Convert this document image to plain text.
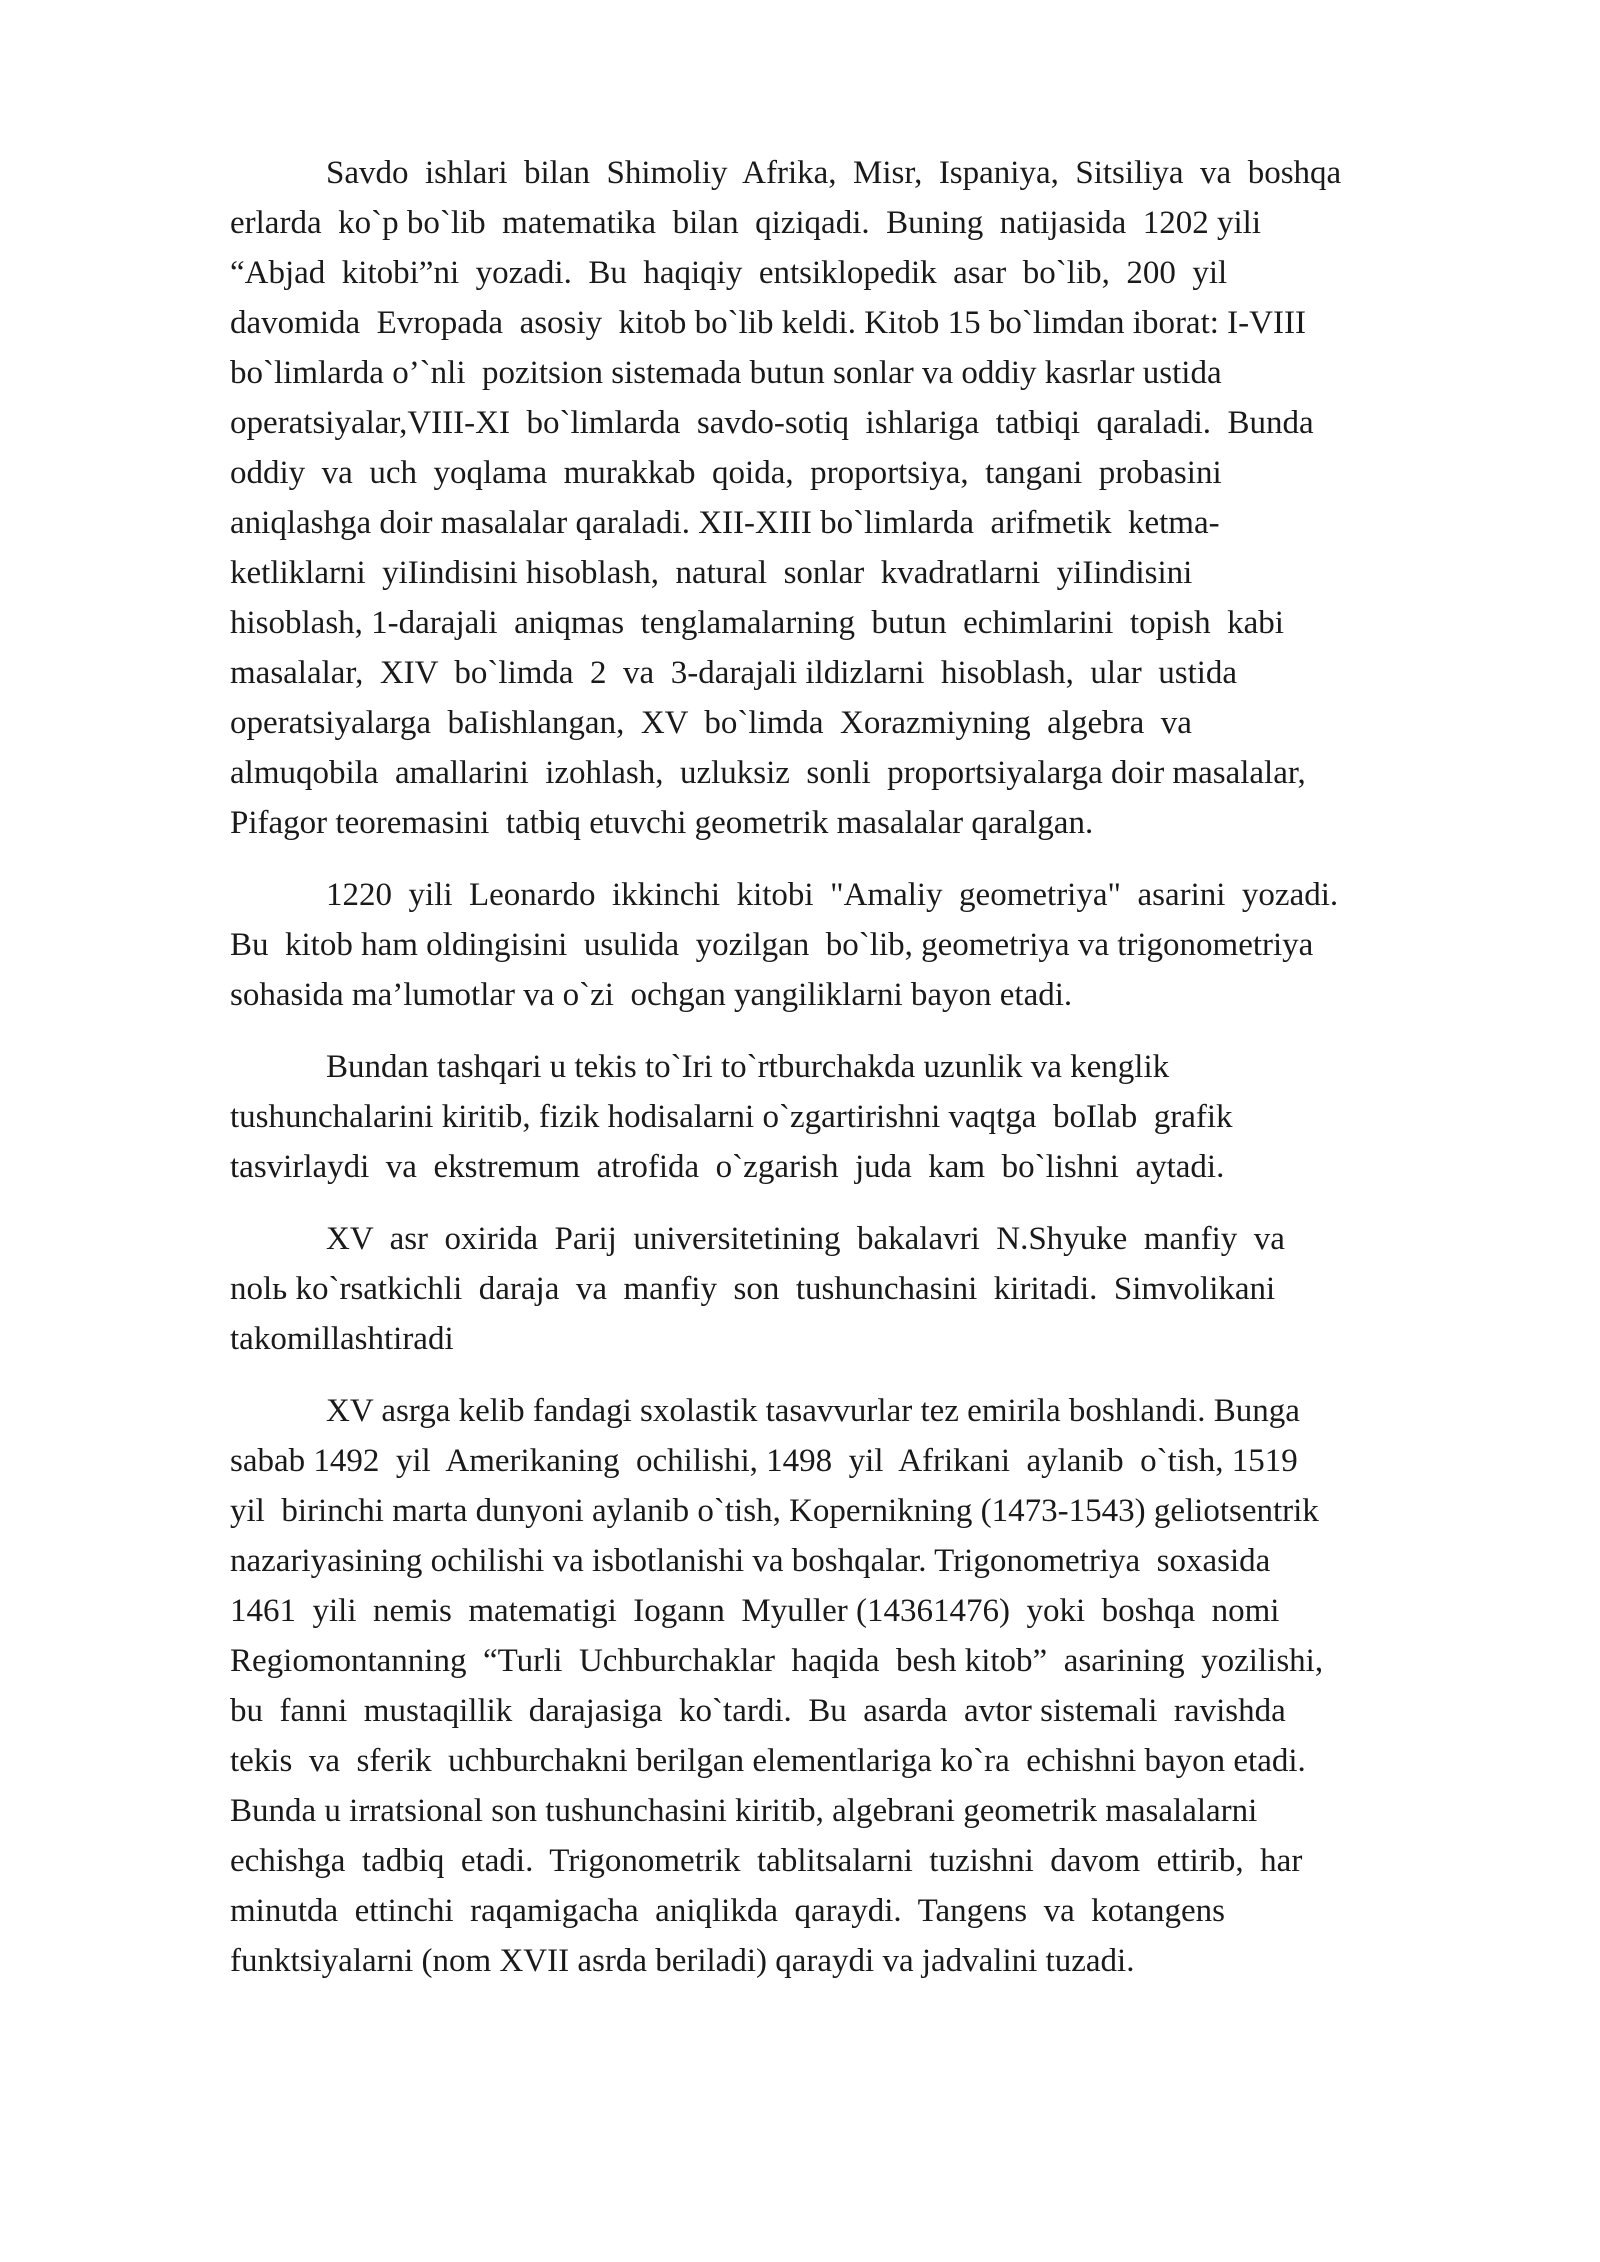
Savdo  ishlari  bilan  Shimoliy  Afrika,  Misr,  Ispaniya,  Sitsiliya  va  boshqa
erlarda  ko`p bo`lib  matematika  bilan  qiziqadi.  Buning  natijasida  1202 yili
“Abjad  kitobi”ni  yozadi.  Bu  haqiqiy  entsiklopedik  asar  bo`lib,  200  yil
davomida  Evropada  asosiy  kitob bo`lib keldi. Kitob 15 bo`limdan iborat: I-VIII
bo`limlarda o’`nli  pozitsion sistemada butun sonlar va oddiy kasrlar ustida
operatsiyalar,VIII-XI  bo`limlarda  savdo-sotiq  ishlariga  tatbiqi  qaraladi.  Bunda
oddiy  va  uch  yoqlama  murakkab  qoida,  proportsiya,  tangani  probasini
aniqlashga doir masalalar qaraladi. XII-XIII bo`limlarda  arifmetik  ketma-
ketliklarni  yiIindisini hisoblash,  natural  sonlar  kvadratlarni  yiIindisini
hisoblash, 1-darajali  aniqmas  tenglamalarning  butun  echimlarini  topish  kabi
masalalar,  XIV  bo`limda  2  va  3-darajali ildizlarni  hisoblash,  ular  ustida
operatsiyalarga  baIishlangan,  XV  bo`limda  Xorazmiyning  algebra  va
almuqobila  amallarini  izohlash,  uzluksiz  sonli  proportsiyalarga doir masalalar,
Pifagor teoremasini  tatbiq etuvchi geometrik masalalar qaralgan.

1220  yili  Leonardo  ikkinchi  kitobi  "Amaliy  geometriya"  asarini  yozadi.
Bu  kitob ham oldingisini  usulida  yozilgan  bo`lib, geometriya va trigonometriya
sohasida ma’lumotlar va o`zi  ochgan yangiliklarni bayon etadi.

Bundan tashqari u tekis to`Iri to`rtburchakda uzunlik va kenglik
tushunchalarini kiritib, fizik hodisalarni o`zgartirishni vaqtga  boIlab  grafik
tasvirlaydi  va  ekstremum  atrofida  o`zgarish  juda  kam  bo`lishni  aytadi.

XV  asr  oxirida  Parij  universitetining  bakalavri  N.Shyuke  manfiy  va
nolь ko`rsatkichli  daraja  va  manfiy  son  tushunchasini  kiritadi.  Simvolikani
takomillashtiradi

XV asrga kelib fandagi sxolastik tasavvurlar tez emirila boshlandi. Bunga
sabab 1492  yil  Amerikaning  ochilishi, 1498  yil  Afrikani  aylanib  o`tish, 1519
yil  birinchi marta dunyoni aylanib o`tish, Kopernikning (1473-1543) geliotsentrik
nazariyasining ochilishi va isbotlanishi va boshqalar. Trigonometriya  soxasida
1461  yili  nemis  matematigi  Iogann  Myuller (14361476)  yoki  boshqa  nomi
Regiomontanning  “Turli  Uchburchaklar  haqida  besh kitob”  asarining  yozilishi,
bu  fanni  mustaqillik  darajasiga  ko`tardi.  Bu  asarda  avtor sistemali  ravishda
tekis  va  sferik  uchburchakni berilgan elementlariga ko`ra  echishni bayon etadi.
Bunda u irratsional son tushunchasini kiritib, algebrani geometrik masalalarni
echishga  tadbiq  etadi.  Trigonometrik  tablitsalarni  tuzishni  davom  ettirib,  har
minutda  ettinchi  raqamigacha  aniqlikda  qaraydi.  Tangens  va  kotangens
funktsiyalarni (nom XVII asrda beriladi) qaraydi va jadvalini tuzadi.
